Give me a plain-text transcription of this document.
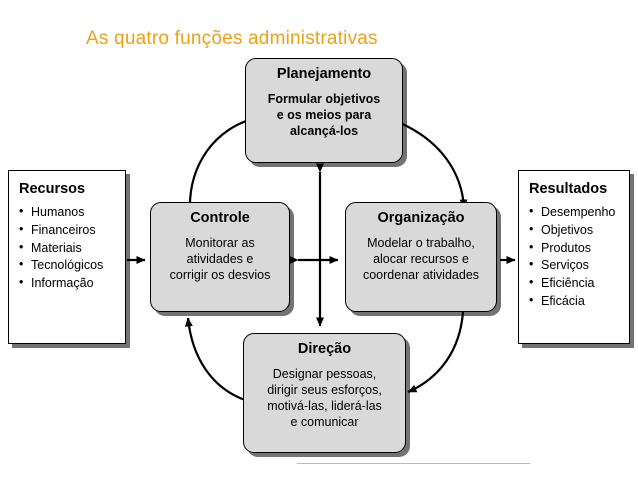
As quatro funções administrativas
Planejamento
Formular objetivos
e os meios para
alcançá-los
Controle
Monitorar as
atividades e
corrigir os desvios
Organização
Modelar o trabalho,
alocar recursos e
coordenar atividades
Direção
Designar pessoas,
dirigir seus esforços,
motivá-las, liderá-las
e comunicar
Recursos
• Humanos
• Financeiros
• Materiais
• Tecnológicos
• Informação
Resultados
• Desempenho
• Objetivos
• Produtos
• Serviços
• Eficiência
• Eficácia
